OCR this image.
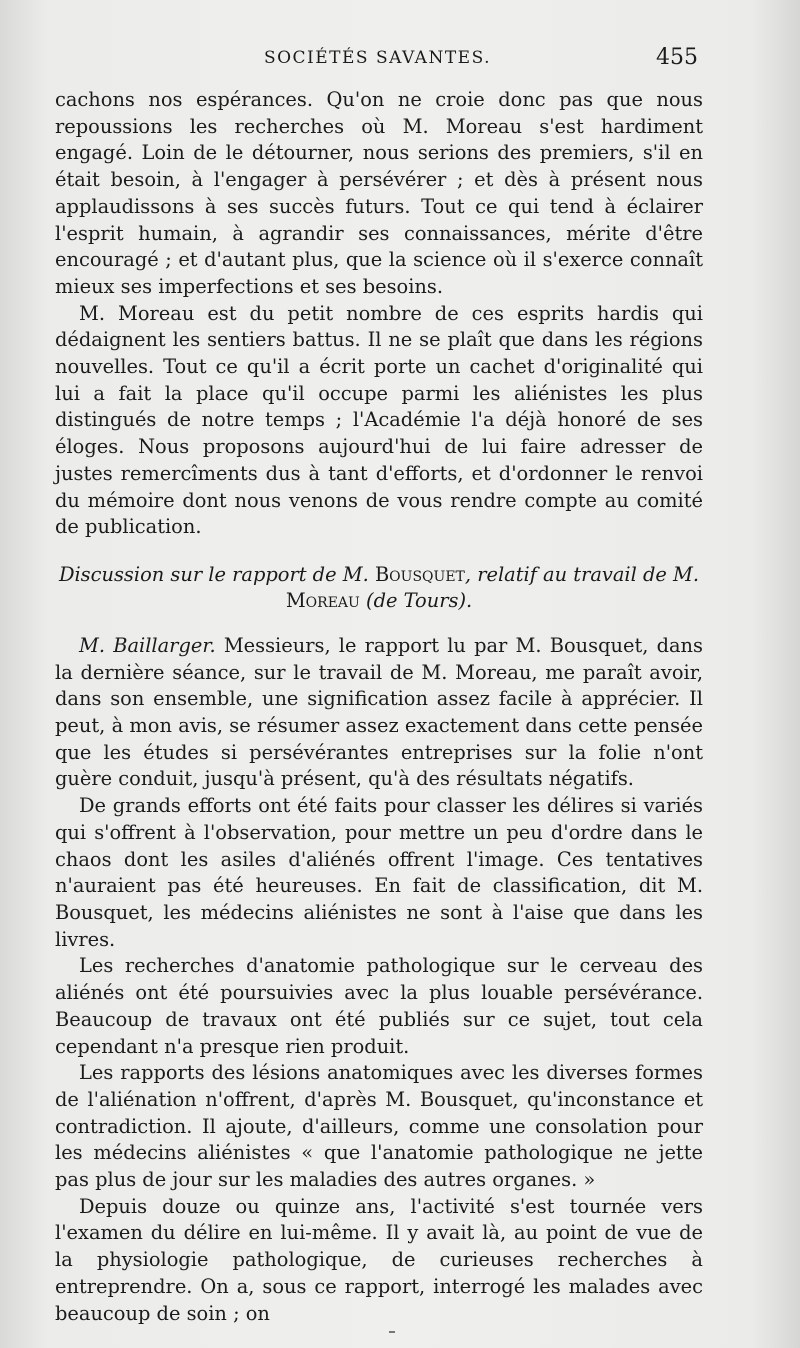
SOCIÉTÉS SAVANTES.	455

cachons nos espérances. Qu'on ne croie donc pas que nous repoussions les recherches où M. Moreau s'est hardiment engagé. Loin de le détourner, nous serions des premiers, s'il en était besoin, à l'engager à persévérer ; et dès à présent nous applaudissons à ses succès futurs. Tout ce qui tend à éclairer l'esprit humain, à agrandir ses connaissances, mérite d'être encouragé ; et d'autant plus, que la science où il s'exerce connaît mieux ses imperfections et ses besoins.

M. Moreau est du petit nombre de ces esprits hardis qui dédaignent les sentiers battus. Il ne se plaît que dans les régions nouvelles. Tout ce qu'il a écrit porte un cachet d'originalité qui lui a fait la place qu'il occupe parmi les aliénistes les plus distingués de notre temps ; l'Académie l'a déjà honoré de ses éloges. Nous proposons aujourd'hui de lui faire adresser de justes remercîments dus à tant d'efforts, et d'ordonner le renvoi du mémoire dont nous venons de vous rendre compte au comité de publication.

Discussion sur le rapport de M. Bousquet, relatif au travail de M. Moreau (de Tours).

M. Baillarger. Messieurs, le rapport lu par M. Bousquet, dans la dernière séance, sur le travail de M. Moreau, me paraît avoir, dans son ensemble, une signification assez facile à apprécier. Il peut, à mon avis, se résumer assez exactement dans cette pensée que les études si persévérantes entreprises sur la folie n'ont guère conduit, jusqu'à présent, qu'à des résultats négatifs.

De grands efforts ont été faits pour classer les délires si variés qui s'offrent à l'observation, pour mettre un peu d'ordre dans le chaos dont les asiles d'aliénés offrent l'image. Ces tentatives n'auraient pas été heureuses. En fait de classification, dit M. Bousquet, les médecins aliénistes ne sont à l'aise que dans les livres.

Les recherches d'anatomie pathologique sur le cerveau des aliénés ont été poursuivies avec la plus louable persévérance. Beaucoup de travaux ont été publiés sur ce sujet, tout cela cependant n'a presque rien produit.

Les rapports des lésions anatomiques avec les diverses formes de l'aliénation n'offrent, d'après M. Bousquet, qu'inconstance et contradiction. Il ajoute, d'ailleurs, comme une consolation pour les médecins aliénistes « que l'anatomie pathologique ne jette pas plus de jour sur les maladies des autres organes. »

Depuis douze ou quinze ans, l'activité s'est tournée vers l'examen du délire en lui-même. Il y avait là, au point de vue de la physiologie pathologique, de curieuses recherches à entreprendre. On a, sous ce rapport, interrogé les malades avec beaucoup de soin ; on
